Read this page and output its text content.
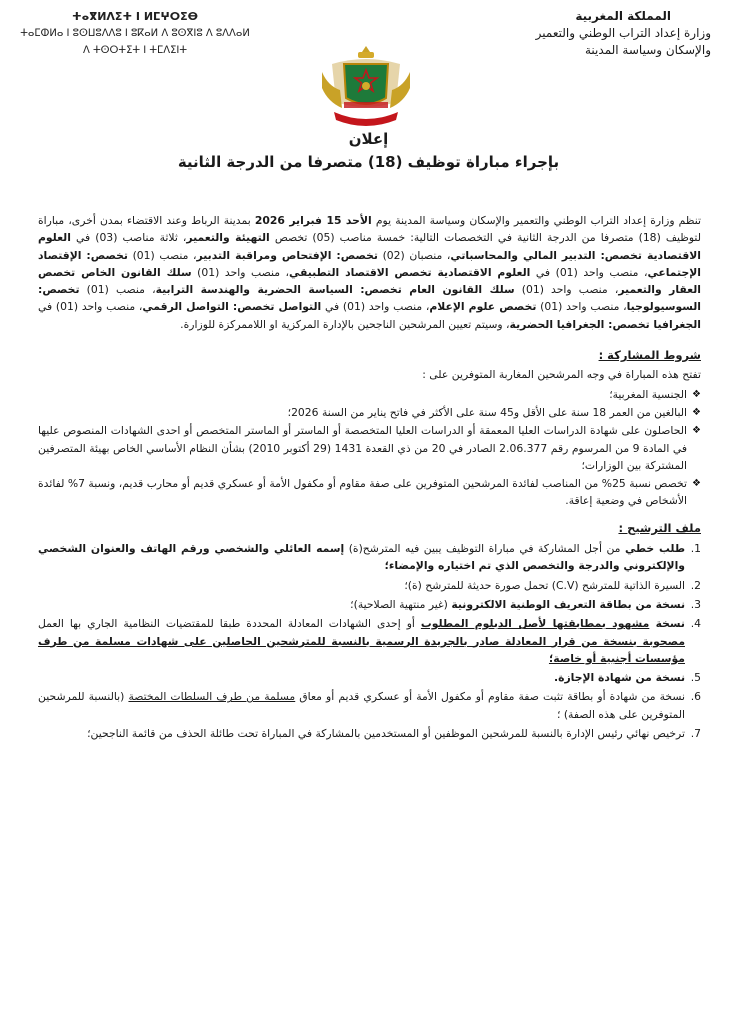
ⵜⴰⴳⵍⴷⵉⵜ ⵏ ⵍⵎⵖⵔⵉⴱ
ⵜⴰⵎⵀⵍⴰ ⵏ ⵓⵙⵡⵓⴷⴷⵓ ⵏ ⵓⴽⴰⵍ ⴷ ⵓⵙⴳⵏⵓ ⴷ ⵓⴷⴷⴰⵍ
ⴷ ⵜⵙⵔⵜⵉⵜ ⵏ ⵜⵎⴷⵉⵏⵜ
المملكة المغربية
وزارة إعداد التراب الوطني والتعمير
والإسكان وسياسة المدينة
إعلان
بإجراء مباراة توظيف (18) متصرفا من الدرجة الثانية

تنظم وزارة إعداد التراب الوطني والتعمير والإسكان وسياسة المدينة يوم الأحد 15 فبراير 2026 بمدينة الرباط وعند الاقتضاء بمدن أخرى، مباراة لتوظيف (18) متصرفا من الدرجة الثانية في التخصصات التالية: خمسة مناصب (05) تخصص التهيئة والتعمير، ثلاثة مناصب (03) في العلوم الاقتصادية تخصص: التدبير المالي والمحاسباتي، منصبان (02) تخصص: الإفتحاص ومراقبة التدبير، منصب (01) تخصص: الإقتصاد الإجتماعي، منصب واحد (01) في العلوم الاقتصادية تخصص الاقتصاد التطبيقي، منصب واحد (01) سلك القانون الخاص تخصص العقار والتعمير، منصب واحد (01) سلك القانون العام تخصص: السياسة الحضرية والهندسة الترابية، منصب (01) تخصص: السوسيولوجيا، منصب واحد (01) تخصص علوم الإعلام، منصب واحد (01) في التواصل تخصص: التواصل الرقمي، منصب واحد (01) في الجغرافيا تخصص: الجغرافيا الحضرية، وسيتم تعيين المرشحين الناجحين بالإدارة المركزية او اللاممركزة للوزارة.

شروط المشاركة :
تفتح هذه المباراة في وجه المرشحين المغاربة المتوفرين على :
❖
الجنسية المغربية؛
❖
البالغين من العمر 18 سنة على الأقل و45 سنة على الأكثر في فاتح يناير من السنة 2026؛
❖
الحاصلون على شهادة الدراسات العليا المعمقة أو الدراسات العليا المتخصصة أو الماستر أو الماستر المتخصص أو احدى الشهادات المنصوص عليها في المادة 9 من المرسوم رقم 2.06.377 الصادر في 20 من ذي القعدة 1431 (29 أكتوبر 2010) بشأن النظام الأساسي الخاص بهيئة المتصرفين المشتركة بين الوزارات؛
❖
تخصص نسبة 25% من المناصب لفائدة المرشحين المتوفرين على صفة مقاوم أو مكفول الأمة أو عسكري قديم أو محارب قديم، ونسبة 7% لفائدة الأشخاص في وضعية إعاقة.
ملف الترشيح :
1.
طلب خطي من أجل المشاركة في مباراة التوظيف يبين فيه المترشح(ة) إسمه العائلي والشخصي ورقم الهاتف والعنوان الشخصي والإلكتروني والدرجة والتخصص الذي تم اختياره والإمضاء؛
2.
السيرة الذاتية للمترشح (C.V) تحمل صورة حديثة للمترشح (ة)؛
3.
نسخة من بطاقة التعريف الوطنية الالكترونية (غير منتهية الصلاحية)؛
4.
نسخة مشهود بمطابقتها لأصل الدبلوم المطلوب أو إحدى الشهادات المعادلة المحددة طبقا للمقتضيات النظامية الجاري بها العمل مصحوبة بنسخة من قرار المعادلة صادر بالجريدة الرسمية بالنسبة للمترشحين الحاصلين على شهادات مسلمة من طرف مؤسسات أجنبية أو خاصة؛
5.
نسخة من شهادة الإجازة.
6.
نسخة من شهادة أو بطاقة تثبت صفة مقاوم أو مكفول الأمة أو عسكري قديم أو معاق مسلمة من طرف السلطات المختصة (بالنسبة للمرشحين المتوفرين على هذه الصفة) ؛
7.
ترخيص نهائي رئيس الإدارة بالنسبة للمرشحين الموظفين أو المستخدمين بالمشاركة في المباراة تحت طائلة الحذف من قائمة الناجحين؛
